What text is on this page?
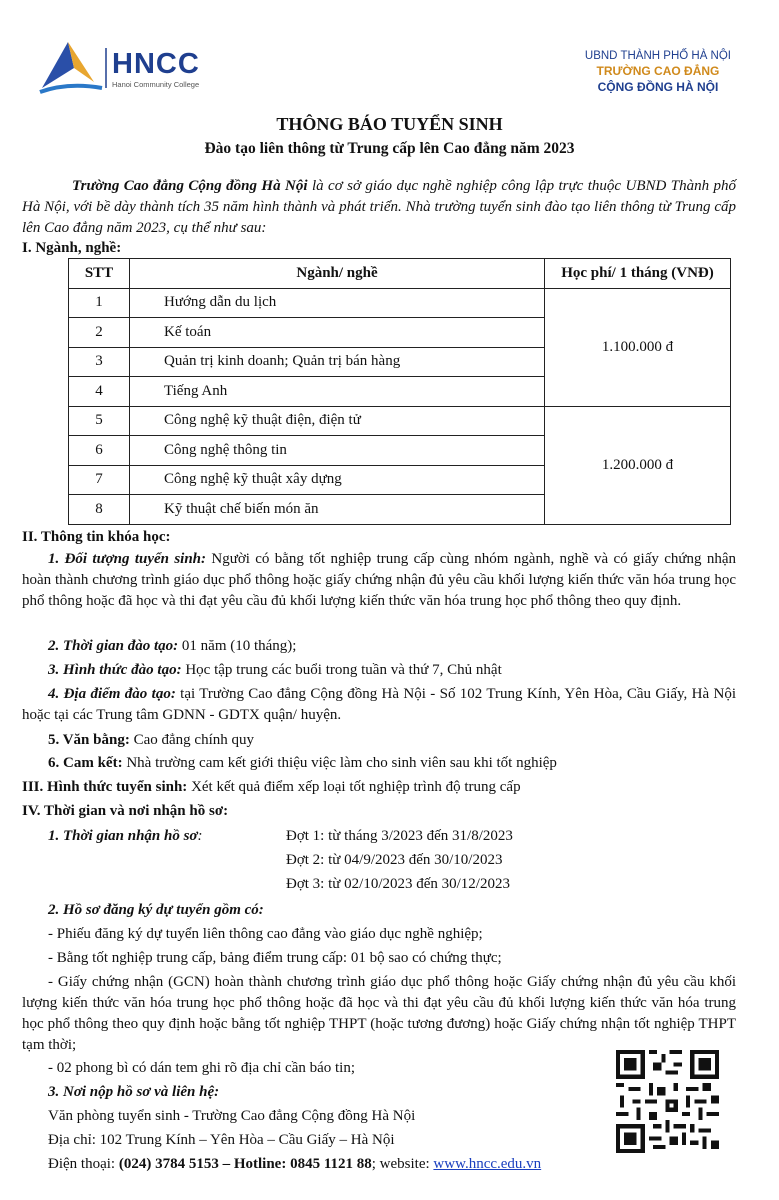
HNCC
Hanoi Community College
UBND THÀNH PHỐ HÀ NỘI
TRƯỜNG CAO ĐẲNG
CỘNG ĐỒNG HÀ NỘI
THÔNG BÁO TUYỂN SINH
Đào tạo liên thông từ Trung cấp lên Cao đẳng năm 2023
Trường Cao đẳng Cộng đồng Hà Nội là cơ sở giáo dục nghề nghiệp công lập trực thuộc UBND Thành phố Hà Nội, với bề dày thành tích 35 năm hình thành và phát triển. Nhà trường tuyển sinh đào tạo liên thông từ Trung cấp lên Cao đẳng năm 2023, cụ thể như sau:
I. Ngành, nghề:
STT	Ngành/ nghề	Học phí/ 1 tháng (VNĐ)
1	Hướng dẫn du lịch	1.100.000 đ
2	Kế toán	
3	Quản trị kinh doanh; Quản trị bán hàng	
4	Tiếng Anh	
5	Công nghệ kỹ thuật điện, điện tử	1.200.000 đ
6	Công nghệ thông tin	
7	Công nghệ kỹ thuật xây dựng	
8	Kỹ thuật chế biến món ăn	
II. Thông tin khóa học:
1. Đối tượng tuyển sinh: Người có bằng tốt nghiệp trung cấp cùng nhóm ngành, nghề và có giấy chứng nhận hoàn thành chương trình giáo dục phổ thông hoặc giấy chứng nhận đủ yêu cầu khối lượng kiến thức văn hóa trung học phổ thông hoặc đã học và thi đạt yêu cầu đủ khối lượng kiến thức văn hóa trung học phổ thông theo quy định.
2. Thời gian đào tạo: 01 năm (10 tháng);
3. Hình thức đào tạo: Học tập trung các buổi trong tuần và thứ 7, Chủ nhật
4. Địa điểm đào tạo: tại Trường Cao đẳng Cộng đồng Hà Nội - Số 102 Trung Kính, Yên Hòa, Cầu Giấy, Hà Nội hoặc tại các Trung tâm GDNN - GDTX quận/ huyện.
5. Văn bằng: Cao đẳng chính quy
6. Cam kết: Nhà trường cam kết giới thiệu việc làm cho sinh viên sau khi tốt nghiệp
III. Hình thức tuyển sinh: Xét kết quả điểm xếp loại tốt nghiệp trình độ trung cấp
IV. Thời gian và nơi nhận hồ sơ:
1. Thời gian nhận hồ sơ:	Đợt 1: từ tháng 3/2023 đến 31/8/2023
Đợt 2: từ 04/9/2023 đến 30/10/2023
Đợt 3: từ 02/10/2023 đến 30/12/2023
2. Hồ sơ đăng ký dự tuyển gồm có:
- Phiếu đăng ký dự tuyển liên thông cao đẳng vào giáo dục nghề nghiệp;
- Bằng tốt nghiệp trung cấp, bảng điểm trung cấp: 01 bộ sao có chứng thực;
- Giấy chứng nhận (GCN) hoàn thành chương trình giáo dục phổ thông hoặc Giấy chứng nhận đủ yêu cầu khối lượng kiến thức văn hóa trung học phổ thông hoặc đã học và thi đạt yêu cầu đủ khối lượng kiến thức văn hóa trung học phổ thông theo quy định hoặc bằng tốt nghiệp THPT (hoặc tương đương) hoặc Giấy chứng nhận tốt nghiệp THPT tạm thời;
- 02 phong bì có dán tem ghi rõ địa chỉ cần báo tin;
3. Nơi nộp hồ sơ và liên hệ:
Văn phòng tuyển sinh - Trường Cao đẳng Cộng đồng Hà Nội
Địa chỉ: 102 Trung Kính – Yên Hòa – Cầu Giấy – Hà Nội
Điện thoại: (024) 3784 5153 – Hotline: 0845 1121 88; website: www.hncc.edu.vn
